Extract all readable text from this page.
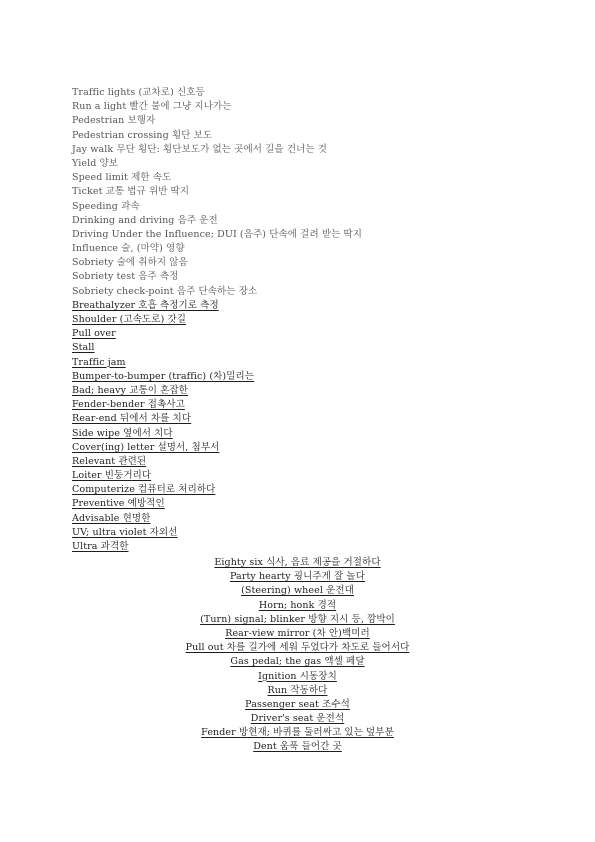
Traffic lights (교차로) 신호등
Run a light 빨간 불에 그냥 지나가는
Pedestrian 보행자
Pedestrian crossing 횡단 보도
Jay walk 무단 횡단: 횡단보도가 없는 곳에서 길을 건너는 것
Yield 양보
Speed limit 제한 속도
Ticket 교통 법규 위반 딱지
Speeding 과속
Drinking and driving 음주 운전
Driving Under the Influence; DUI (음주) 단속에 걸려 받는 딱지
Influence 술, (마약) 영향
Sobriety 술에 취하지 않음
Sobriety test 음주 측정
Sobriety check-point 음주 단속하는 장소
Breathalyzer 호흡 측정기로 측정
Shoulder (고속도로) 갓길
Pull over
Stall
Traffic jam
Bumper-to-bumper (traffic) (차)밀리는
Bad; heavy 교통이 혼잡한
Fender-bender 접촉사고
Rear-end 뒤에서 차를 치다
Side wipe 옆에서 치다
Cover(ing) letter 설명서, 첨부서
Relevant 관련된
Loiter 빈둥거리다
Computerize 컴퓨터로 처리하다
Preventive 예방적인
Advisable 현명한
UV; ultra violet 자외선
Ultra 과격한
Eighty six 식사, 음료 제공을 거절하다
Party hearty 굉니주게 잘 놀다
(Steering) wheel 운전대
Horn; honk 경적
(Turn) signal; blinker 방향 지시 등, 깜박이
Rear-view mirror (차 안)백미러
Pull out 차를 길가에 세워 두었다가 차도로 들어서다
Gas pedal; the gas 액셀 페달
Ignition 시동장치
Run 작동하다
Passenger seat 조수석
Driver's seat 운전석
Fender 방현재; 바퀴를 둘러싸고 있는 덮부분
Dent 움푹 들어간 곳
